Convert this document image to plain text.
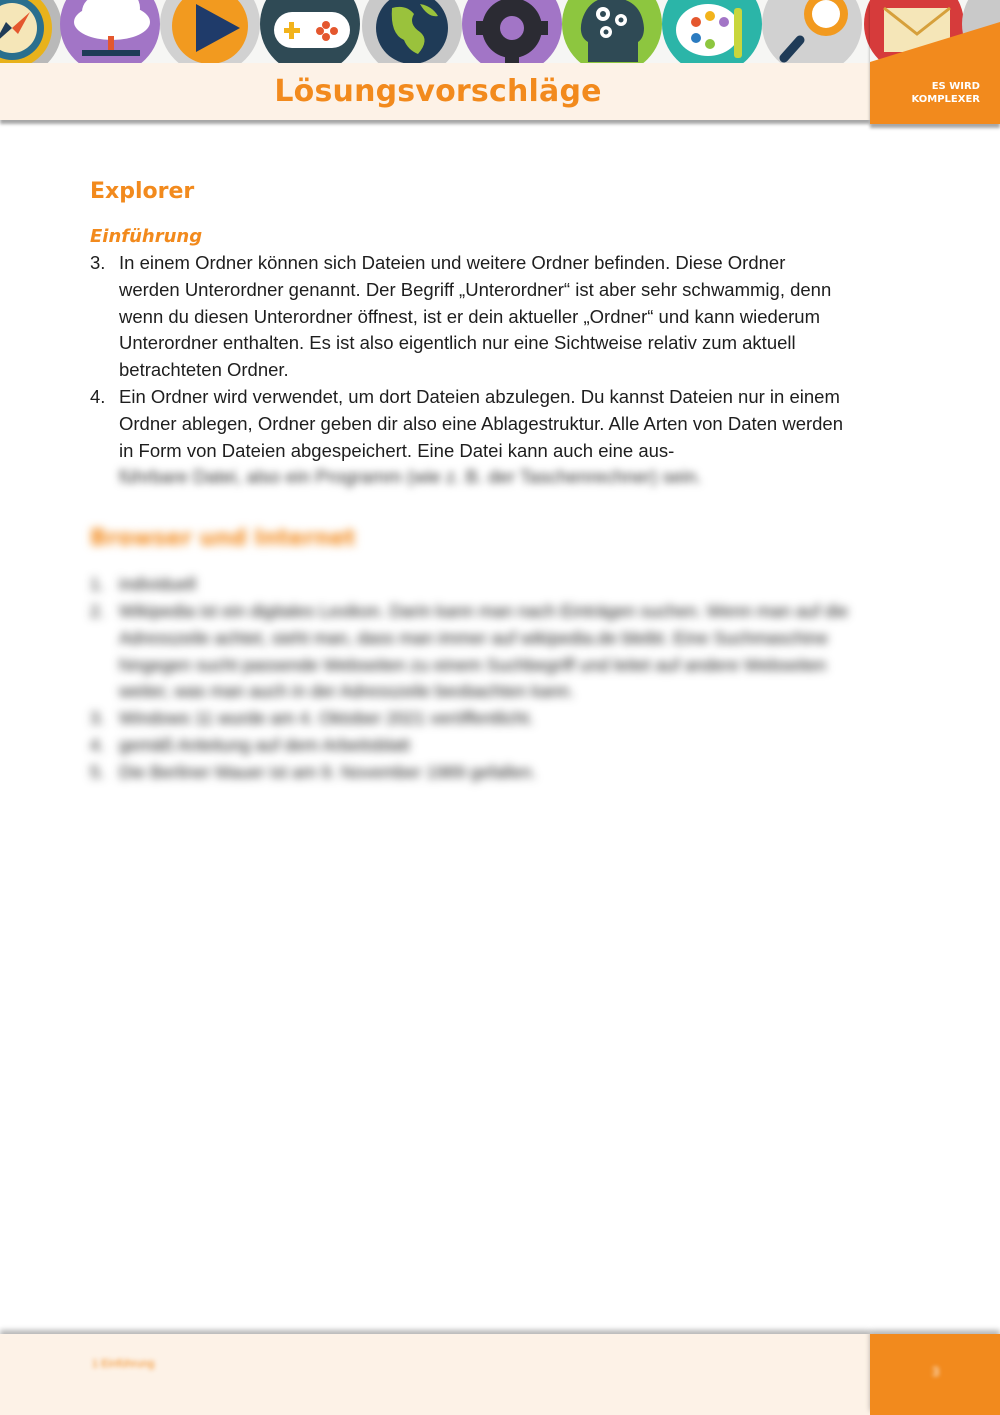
Lösungsvorschläge	ES WIRD
KOMPLEXER
Explorer
Einführung
3. In einem Ordner können sich Dateien und weitere Ordner befinden. Diese Ordner werden Unterordner genannt. Der Begriff „Unterordner“ ist aber sehr schwammig, denn wenn du diesen Unterordner öffnest, ist er dein aktueller „Ordner“ und kann wiederum Unterordner enthalten. Es ist also eigentlich nur eine Sichtweise relativ zum aktuell betrachteten Ordner.
4. Ein Ordner wird verwendet, um dort Dateien abzulegen. Du kannst Dateien nur in einem Ordner ablegen, Ordner geben dir also eine Ablagestruktur. Alle Arten von Daten werden in Form von Dateien abgespeichert. Eine Datei kann auch eine aus-
führbare Datei, also ein Programm (wie z. B. der Taschenrechner) sein.
Browser und Internet
1. individuell
2. Wikipedia ist ein digitales Lexikon. Darin kann man nach Einträgen suchen. Wenn man auf die Adresszeile achtet, sieht man, dass man immer auf wikipedia.de bleibt. Eine Suchmaschine hingegen sucht passende Webseiten zu einem Suchbegriff und leitet auf andere Webseiten weiter, was man auch in der Adresszeile beobachten kann.
3. Windows 11 wurde am 4. Oktober 2021 veröffentlicht.
4. gemäß Anleitung auf dem Arbeitsblatt
5. Die Berliner Mauer ist am 9. November 1989 gefallen.
1 Einführung	3
